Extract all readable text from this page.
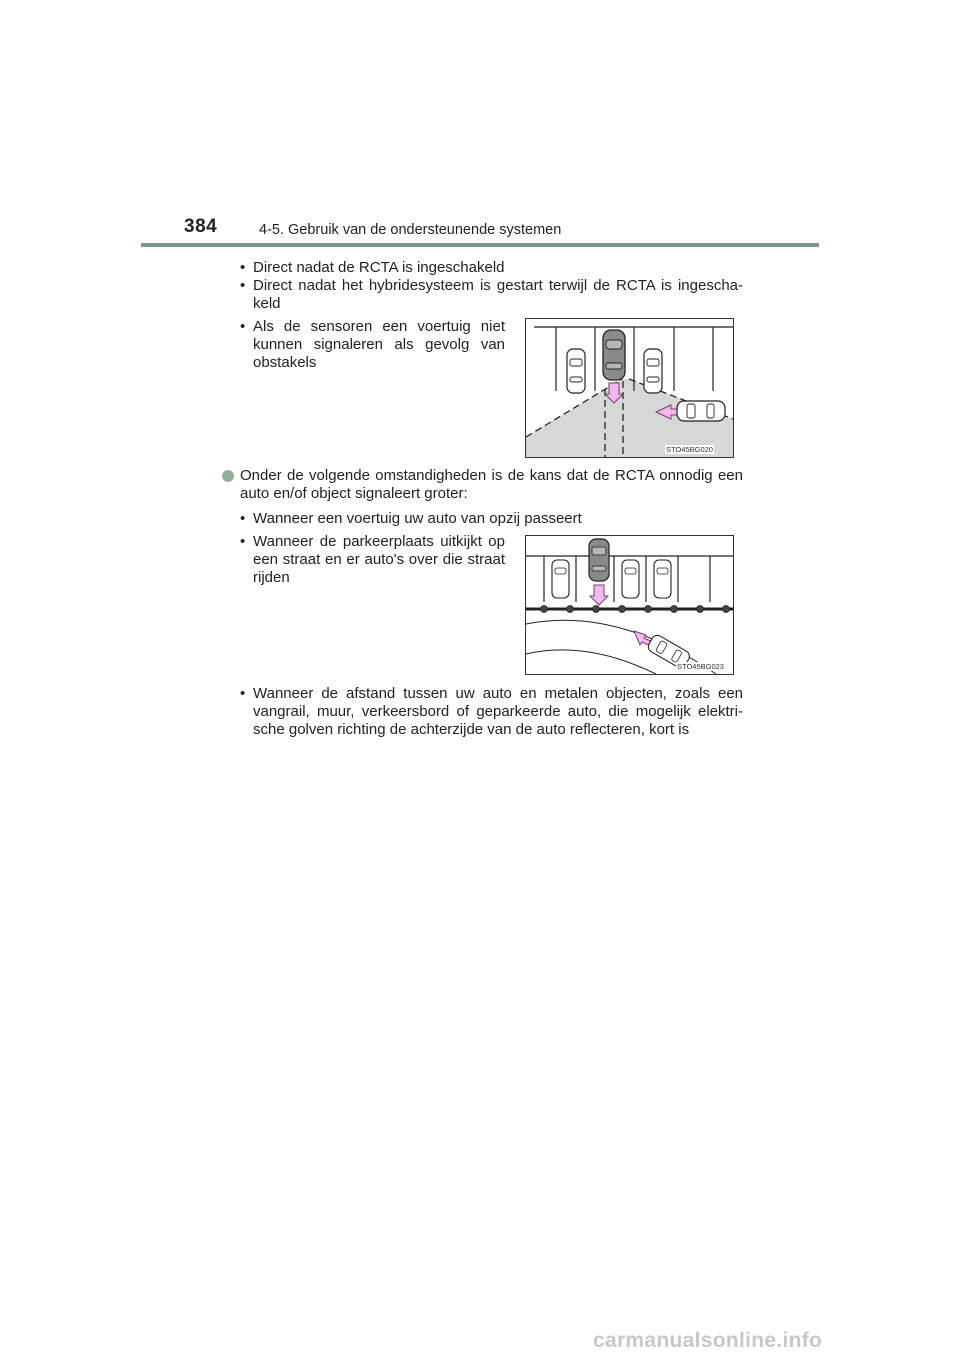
384	4-5. Gebruik van de ondersteunende systemen
• Direct nadat de RCTA is ingeschakeld
• Direct nadat het hybridesysteem is gestart terwijl de RCTA is ingescha-
keld
• Als de sensoren een voertuig niet
kunnen signaleren als gevolg van
obstakels
STO45BG020
Onder de volgende omstandigheden is de kans dat de RCTA onnodig een
auto en/of object signaleert groter:
• Wanneer een voertuig uw auto van opzij passeert
• Wanneer de parkeerplaats uitkijkt op
een straat en er auto's over die straat
rijden
STO45BG023
• Wanneer de afstand tussen uw auto en metalen objecten, zoals een
vangrail, muur, verkeersbord of geparkeerde auto, die mogelijk elektri-
sche golven richting de achterzijde van de auto reflecteren, kort is
carmanualsonline.info
